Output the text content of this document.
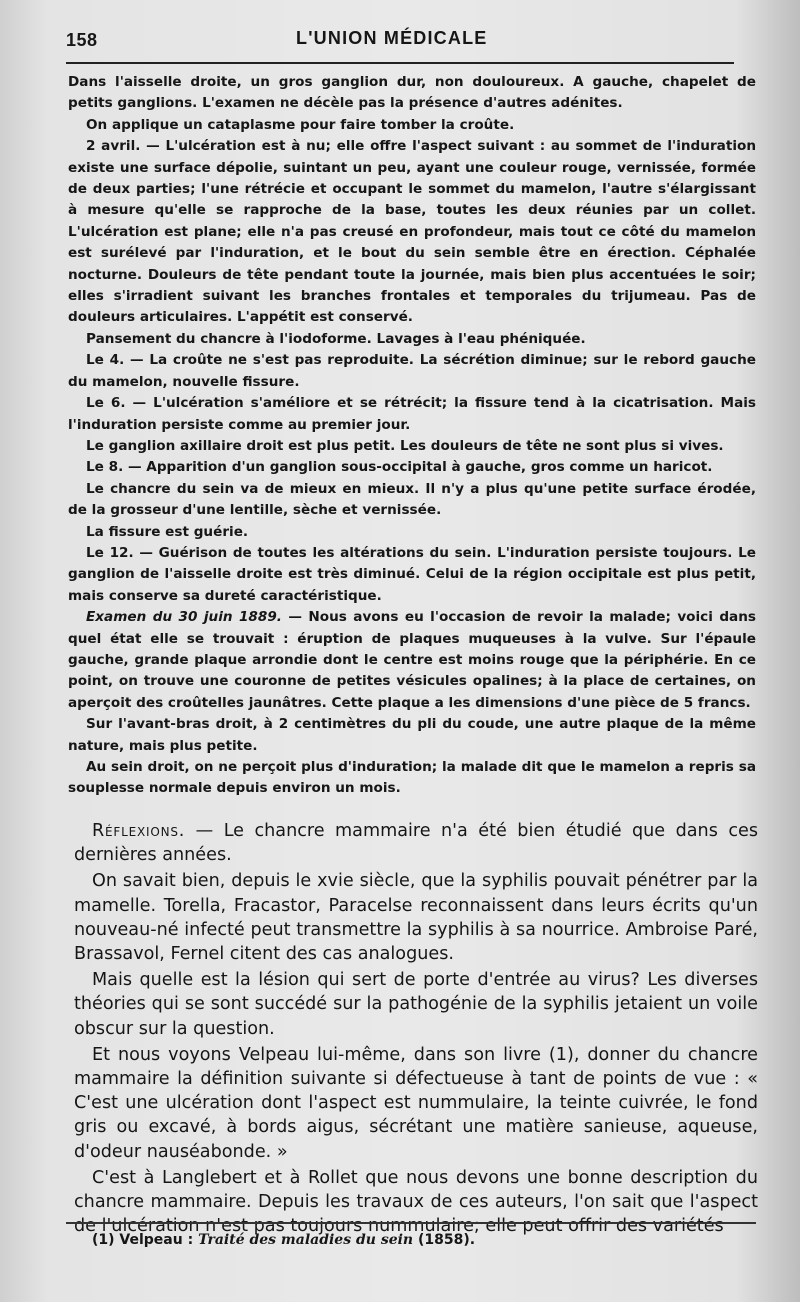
158	L'UNION MÉDICALE

Dans l'aisselle droite, un gros ganglion dur, non douloureux. A gauche, chapelet de petits ganglions. L'examen ne décèle pas la présence d'autres adénites.

On applique un cataplasme pour faire tomber la croûte.

2 avril. — L'ulcération est à nu; elle offre l'aspect suivant : au sommet de l'induration existe une surface dépolie, suintant un peu, ayant une couleur rouge, vernissée, formée de deux parties; l'une rétrécie et occupant le sommet du mamelon, l'autre s'élargissant à mesure qu'elle se rapproche de la base, toutes les deux réunies par un collet. L'ulcération est plane; elle n'a pas creusé en profondeur, mais tout ce côté du mamelon est surélevé par l'induration, et le bout du sein semble être en érection. Céphalée nocturne. Douleurs de tête pendant toute la journée, mais bien plus accentuées le soir; elles s'irradient suivant les branches frontales et temporales du trijumeau. Pas de douleurs articulaires. L'appétit est conservé.

Pansement du chancre à l'iodoforme. Lavages à l'eau phéniquée.

Le 4. — La croûte ne s'est pas reproduite. La sécrétion diminue; sur le rebord gauche du mamelon, nouvelle fissure.

Le 6. — L'ulcération s'améliore et se rétrécit; la fissure tend à la cicatrisation. Mais l'induration persiste comme au premier jour.

Le ganglion axillaire droit est plus petit. Les douleurs de tête ne sont plus si vives.

Le 8. — Apparition d'un ganglion sous-occipital à gauche, gros comme un haricot.

Le chancre du sein va de mieux en mieux. Il n'y a plus qu'une petite surface érodée, de la grosseur d'une lentille, sèche et vernissée.

La fissure est guérie.

Le 12. — Guérison de toutes les altérations du sein. L'induration persiste toujours. Le ganglion de l'aisselle droite est très diminué. Celui de la région occipitale est plus petit, mais conserve sa dureté caractéristique.

Examen du 30 juin 1889. — Nous avons eu l'occasion de revoir la malade; voici dans quel état elle se trouvait : éruption de plaques muqueuses à la vulve. Sur l'épaule gauche, grande plaque arrondie dont le centre est moins rouge que la périphérie. En ce point, on trouve une couronne de petites vésicules opalines; à la place de certaines, on aperçoit des croûtelles jaunâtres. Cette plaque a les dimensions d'une pièce de 5 francs.

Sur l'avant-bras droit, à 2 centimètres du pli du coude, une autre plaque de la même nature, mais plus petite.

Au sein droit, on ne perçoit plus d'induration; la malade dit que le mamelon a repris sa souplesse normale depuis environ un mois.

Réflexions. — Le chancre mammaire n'a été bien étudié que dans ces dernières années.

On savait bien, depuis le xvie siècle, que la syphilis pouvait pénétrer par la mamelle. Torella, Fracastor, Paracelse reconnaissent dans leurs écrits qu'un nouveau-né infecté peut transmettre la syphilis à sa nourrice. Ambroise Paré, Brassavol, Fernel citent des cas analogues.

Mais quelle est la lésion qui sert de porte d'entrée au virus? Les diverses théories qui se sont succédé sur la pathogénie de la syphilis jetaient un voile obscur sur la question.

Et nous voyons Velpeau lui-même, dans son livre (1), donner du chancre mammaire la définition suivante si défectueuse à tant de points de vue : « C'est une ulcération dont l'aspect est nummulaire, la teinte cuivrée, le fond gris ou excavé, à bords aigus, sécrétant une matière sanieuse, aqueuse, d'odeur nauséabonde. »

C'est à Langlebert et à Rollet que nous devons une bonne description du chancre mammaire. Depuis les travaux de ces auteurs, l'on sait que l'aspect de l'ulcération n'est pas toujours nummulaire; elle peut offrir des variétés

(1) Velpeau : Traité des maladies du sein (1858).
